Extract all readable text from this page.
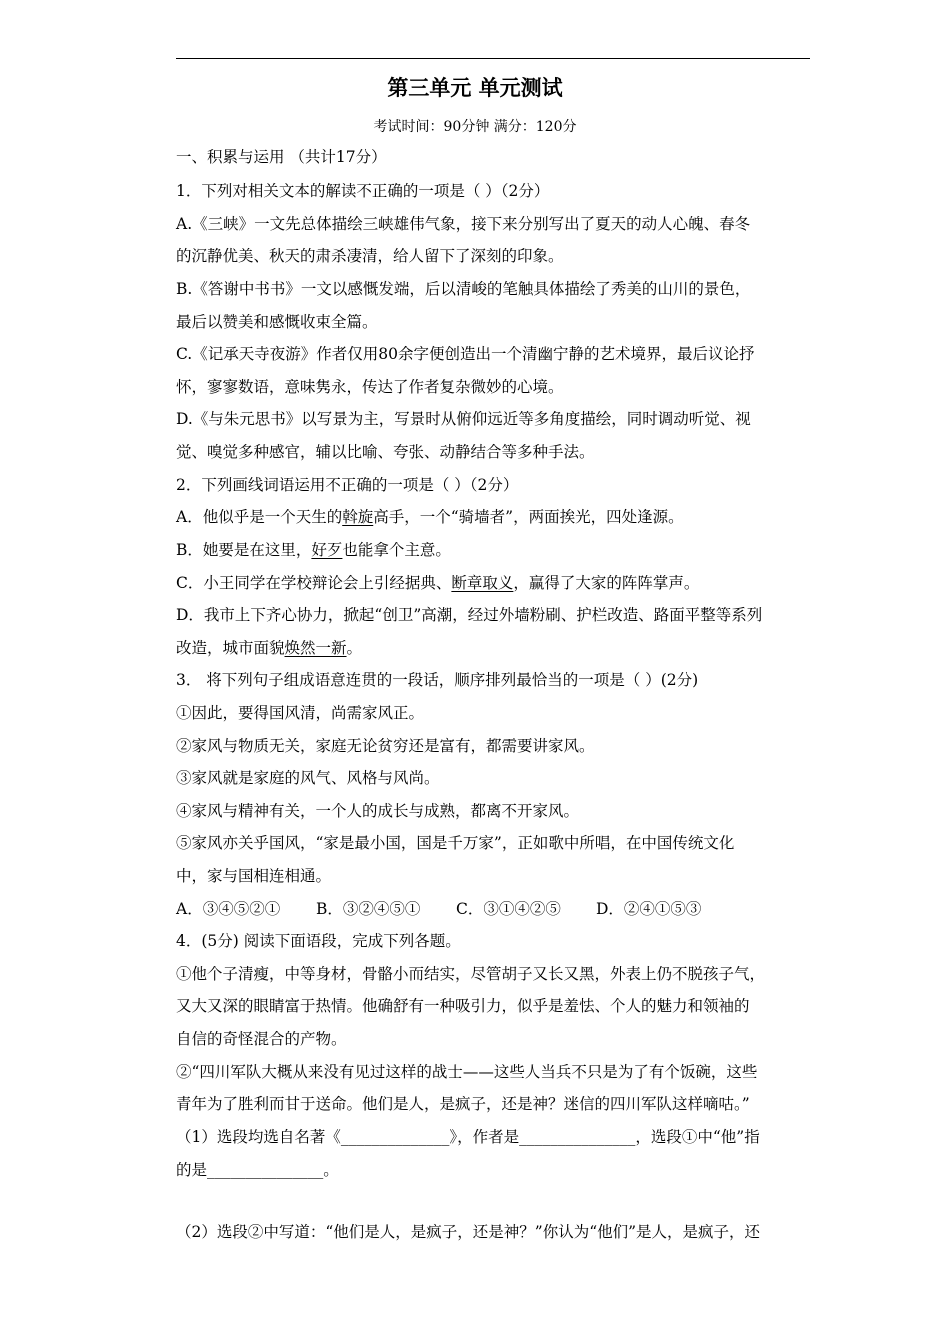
第三单元 单元测试
考试时间：90分钟 满分：120分
一、积累与运用 （共计17分）
1．下列对相关文本的解读不正确的一项是（ ）（2分）
A.《三峡》一文先总体描绘三峡雄伟气象，接下来分别写出了夏天的动人心魄、春冬
的沉静优美、秋天的肃杀凄清，给人留下了深刻的印象。
B.《答谢中书书》一文以感慨发端，后以清峻的笔触具体描绘了秀美的山川的景色，
最后以赞美和感慨收束全篇。
C.《记承天寺夜游》作者仅用80余字便创造出一个清幽宁静的艺术境界，最后议论抒
怀，寥寥数语，意味隽永，传达了作者复杂微妙的心境。
D.《与朱元思书》以写景为主，写景时从俯仰远近等多角度描绘，同时调动听觉、视
觉、嗅觉多种感官，辅以比喻、夸张、动静结合等多种手法。
2．下列画线词语运用不正确的一项是（ ）（2分）
A．他似乎是一个天生的斡旋高手，一个“骑墙者”，两面挨光，四处逢源。
B．她要是在这里，好歹也能拿个主意。
C．小王同学在学校辩论会上引经据典、断章取义，赢得了大家的阵阵掌声。
D．我市上下齐心协力，掀起“创卫”高潮，经过外墙粉刷、护栏改造、路面平整等系列
改造，城市面貌焕然一新。
3． 将下列句子组成语意连贯的一段话，顺序排列最恰当的一项是（ ）(2分)
①因此，要得国风清，尚需家风正。
②家风与物质无关，家庭无论贫穷还是富有，都需要讲家风。
③家风就是家庭的风气、风格与风尚。
④家风与精神有关，一个人的成长与成熟，都离不开家风。
⑤家风亦关乎国风，“家是最小国，国是千万家”，正如歌中所唱，在中国传统文化
中，家与国相连相通。
A．③④⑤②① B．③②④⑤① C．③①④②⑤ D．②④①⑤③
4．(5分) 阅读下面语段，完成下列各题。
①他个子清瘦，中等身材，骨骼小而结实，尽管胡子又长又黑，外表上仍不脱孩子气，
又大又深的眼睛富于热情。他确舒有一种吸引力，似乎是羞怯、个人的魅力和领袖的
自信的奇怪混合的产物。
②“四川军队大概从来没有见过这样的战士——这些人当兵不只是为了有个饭碗，这些
青年为了胜利而甘于送命。他们是人，是疯子，还是神？迷信的四川军队这样嘀咕。”
（1）选段均选自名著《______________》，作者是_______________，选段①中“他”指
的是_______________。
（2）选段②中写道：“他们是人，是疯子，还是神？”你认为“他们”是人，是疯子，还
